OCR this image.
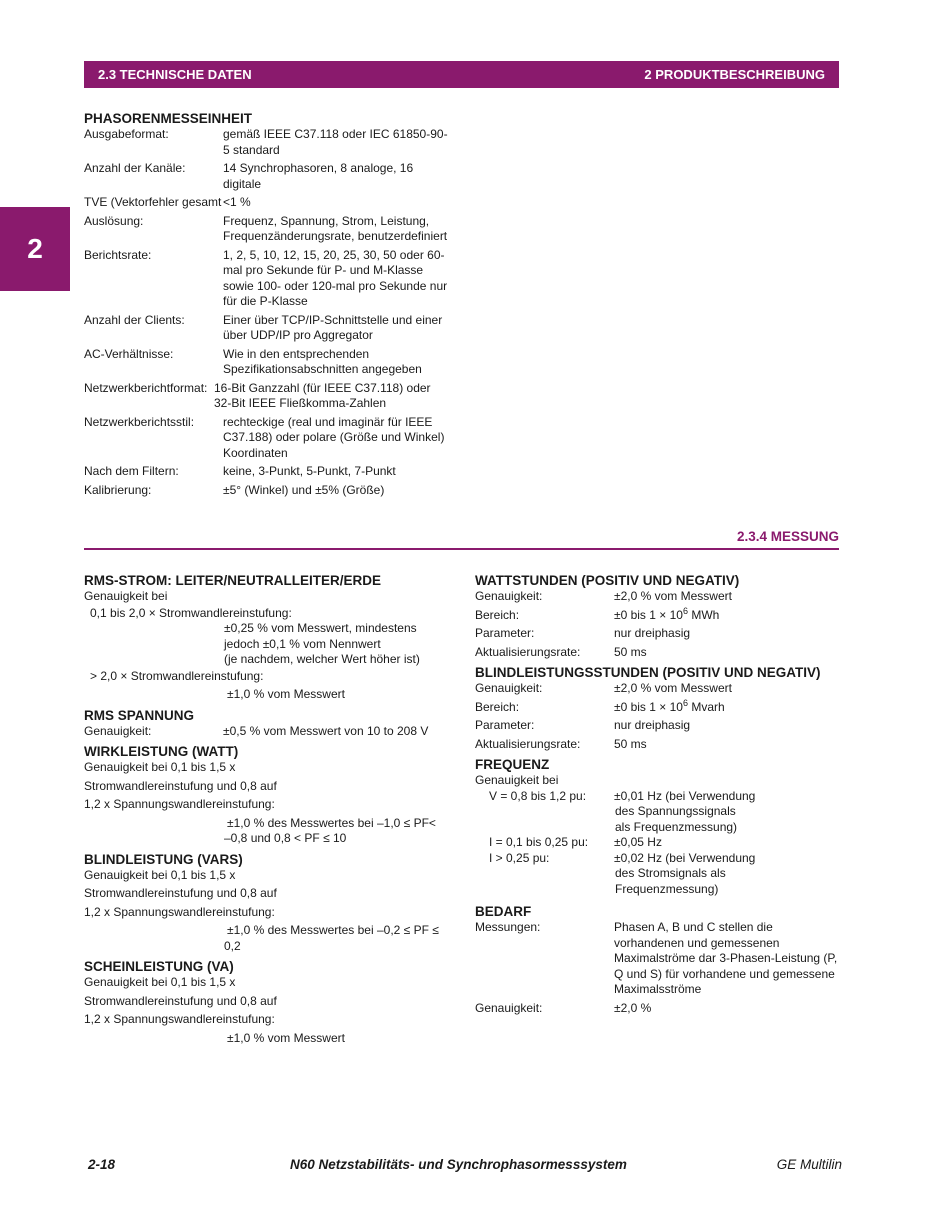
2.3 TECHNISCHE DATEN	2 PRODUKTBESCHREIBUNG
2
PHASORENMESSEINHEIT
Ausgabeformat:	gemäß IEEE C37.118 oder IEC 61850-90-5 standard
Anzahl der Kanäle:	14 Synchrophasoren, 8 analoge, 16 digitale
TVE (Vektorfehler gesamt <1 %
Auslösung:	Frequenz, Spannung, Strom, Leistung, Frequenzänderungsrate, benutzerdefiniert
Berichtsrate:	1, 2, 5, 10, 12, 15, 20, 25, 30, 50 oder 60-mal pro Sekunde für P- und M-Klasse sowie 100- oder 120-mal pro Sekunde nur für die P-Klasse
Anzahl der Clients:	Einer über TCP/IP-Schnittstelle und einer über UDP/IP pro Aggregator
AC-Verhältnisse:	Wie in den entsprechenden Spezifikationsabschnitten angegeben
Netzwerkberichtformat: 16-Bit Ganzzahl (für IEEE C37.118) oder 32-Bit IEEE Fließkomma-Zahlen
Netzwerkberichtsstil:	rechteckige (real und imaginär für IEEE C37.188) oder polare (Größe und Winkel) Koordinaten
Nach dem Filtern:	keine, 3-Punkt, 5-Punkt, 7-Punkt
Kalibrierung:	±5° (Winkel) und ±5% (Größe)
2.3.4 MESSUNG
RMS-STROM: LEITER/NEUTRALLEITER/ERDE
Genauigkeit bei
0,1 bis 2,0 × Stromwandlereinstufung:
±0,25 % vom Messwert, mindestens
jedoch ±0,1 % vom Nennwert
(je nachdem, welcher Wert höher ist)
> 2,0 × Stromwandlereinstufung:
±1,0 % vom Messwert
RMS SPANNUNG
Genauigkeit:	±0,5 % vom Messwert von 10 to 208 V
WIRKLEISTUNG (WATT)
Genauigkeit bei 0,1 bis 1,5 x
Stromwandlereinstufung und 0,8 auf
1,2 x Spannungswandlereinstufung:
±1,0 % des Messwertes bei –1,0 ≤ PF<
–0,8 und 0,8 < PF ≤ 10
BLINDLEISTUNG (VARS)
Genauigkeit bei 0,1 bis 1,5 x
Stromwandlereinstufung und 0,8 auf
1,2 x Spannungswandlereinstufung:
±1,0 % des Messwertes bei –0,2 ≤ PF ≤
0,2
SCHEINLEISTUNG (VA)
Genauigkeit bei 0,1 bis 1,5 x
Stromwandlereinstufung und 0,8 auf
1,2 x Spannungswandlereinstufung:
±1,0 % vom Messwert
WATTSTUNDEN (POSITIV UND NEGATIV)
Genauigkeit:	±2,0 % vom Messwert
Bereich:	±0 bis $1 \times 10^6$ MWh
Parameter:	nur dreiphasig
Aktualisierungsrate:	50 ms
BLINDLEISTUNGSSTUNDEN (POSITIV UND NEGATIV)
Genauigkeit:	±2,0 % vom Messwert
Bereich:	±0 bis $1 \times 10^6$ Mvarh
Parameter:	nur dreiphasig
Aktualisierungsrate:	50 ms
FREQUENZ
Genauigkeit bei
V = 0,8 bis 1,2 pu:	±0,01 Hz (bei Verwendung
des Spannungssignals
als Frequenzmessung)
I = 0,1 bis 0,25 pu:	±0,05 Hz
I > 0,25 pu:	±0,02 Hz (bei Verwendung
des Stromsignals als
Frequenzmessung)
BEDARF
Messungen:	Phasen A, B und C stellen die vorhandenen und gemessenen Maximalströme dar 3-Phasen-Leistung (P, Q und S) für vorhandene und gemessene Maximalsströme
Genauigkeit:	±2,0 %
2-18	N60 Netzstabilitäts- und Synchrophasormesssystem	GE Multilin
